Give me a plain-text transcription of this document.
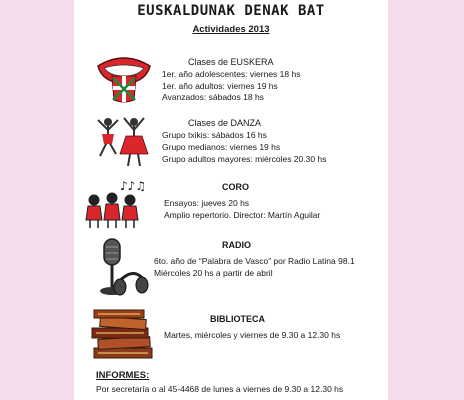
EUSKALDUNAK DENAK BAT
Actividades 2013
Clases de EUSKERA
1er. año adolescentes: viernes 18 hs
1er. año adultos: viernes 19 hs
Avanzados: sábados 18 hs
Clases de DANZA
Grupo txikis: sábados 16 hs
Grupo medianos: viernes 19 hs
Grupo adultos mayores: miércoles 20.30 hs
♪♪♫	CORO
Ensayos: jueves 20 hs
Amplio repertorio. Director: Martín Aguilar
RADIO
6to. año de “Palabra de Vasco” por Radio Latina 98.1
Miércoles 20 hs a partir de abril
BIBLIOTECA
Martes, miércoles y viernes de 9.30 a 12.30 hs
INFORMES:
Por secretaría o al 45-4468 de lunes a viernes de 9.30 a 12.30 hs
